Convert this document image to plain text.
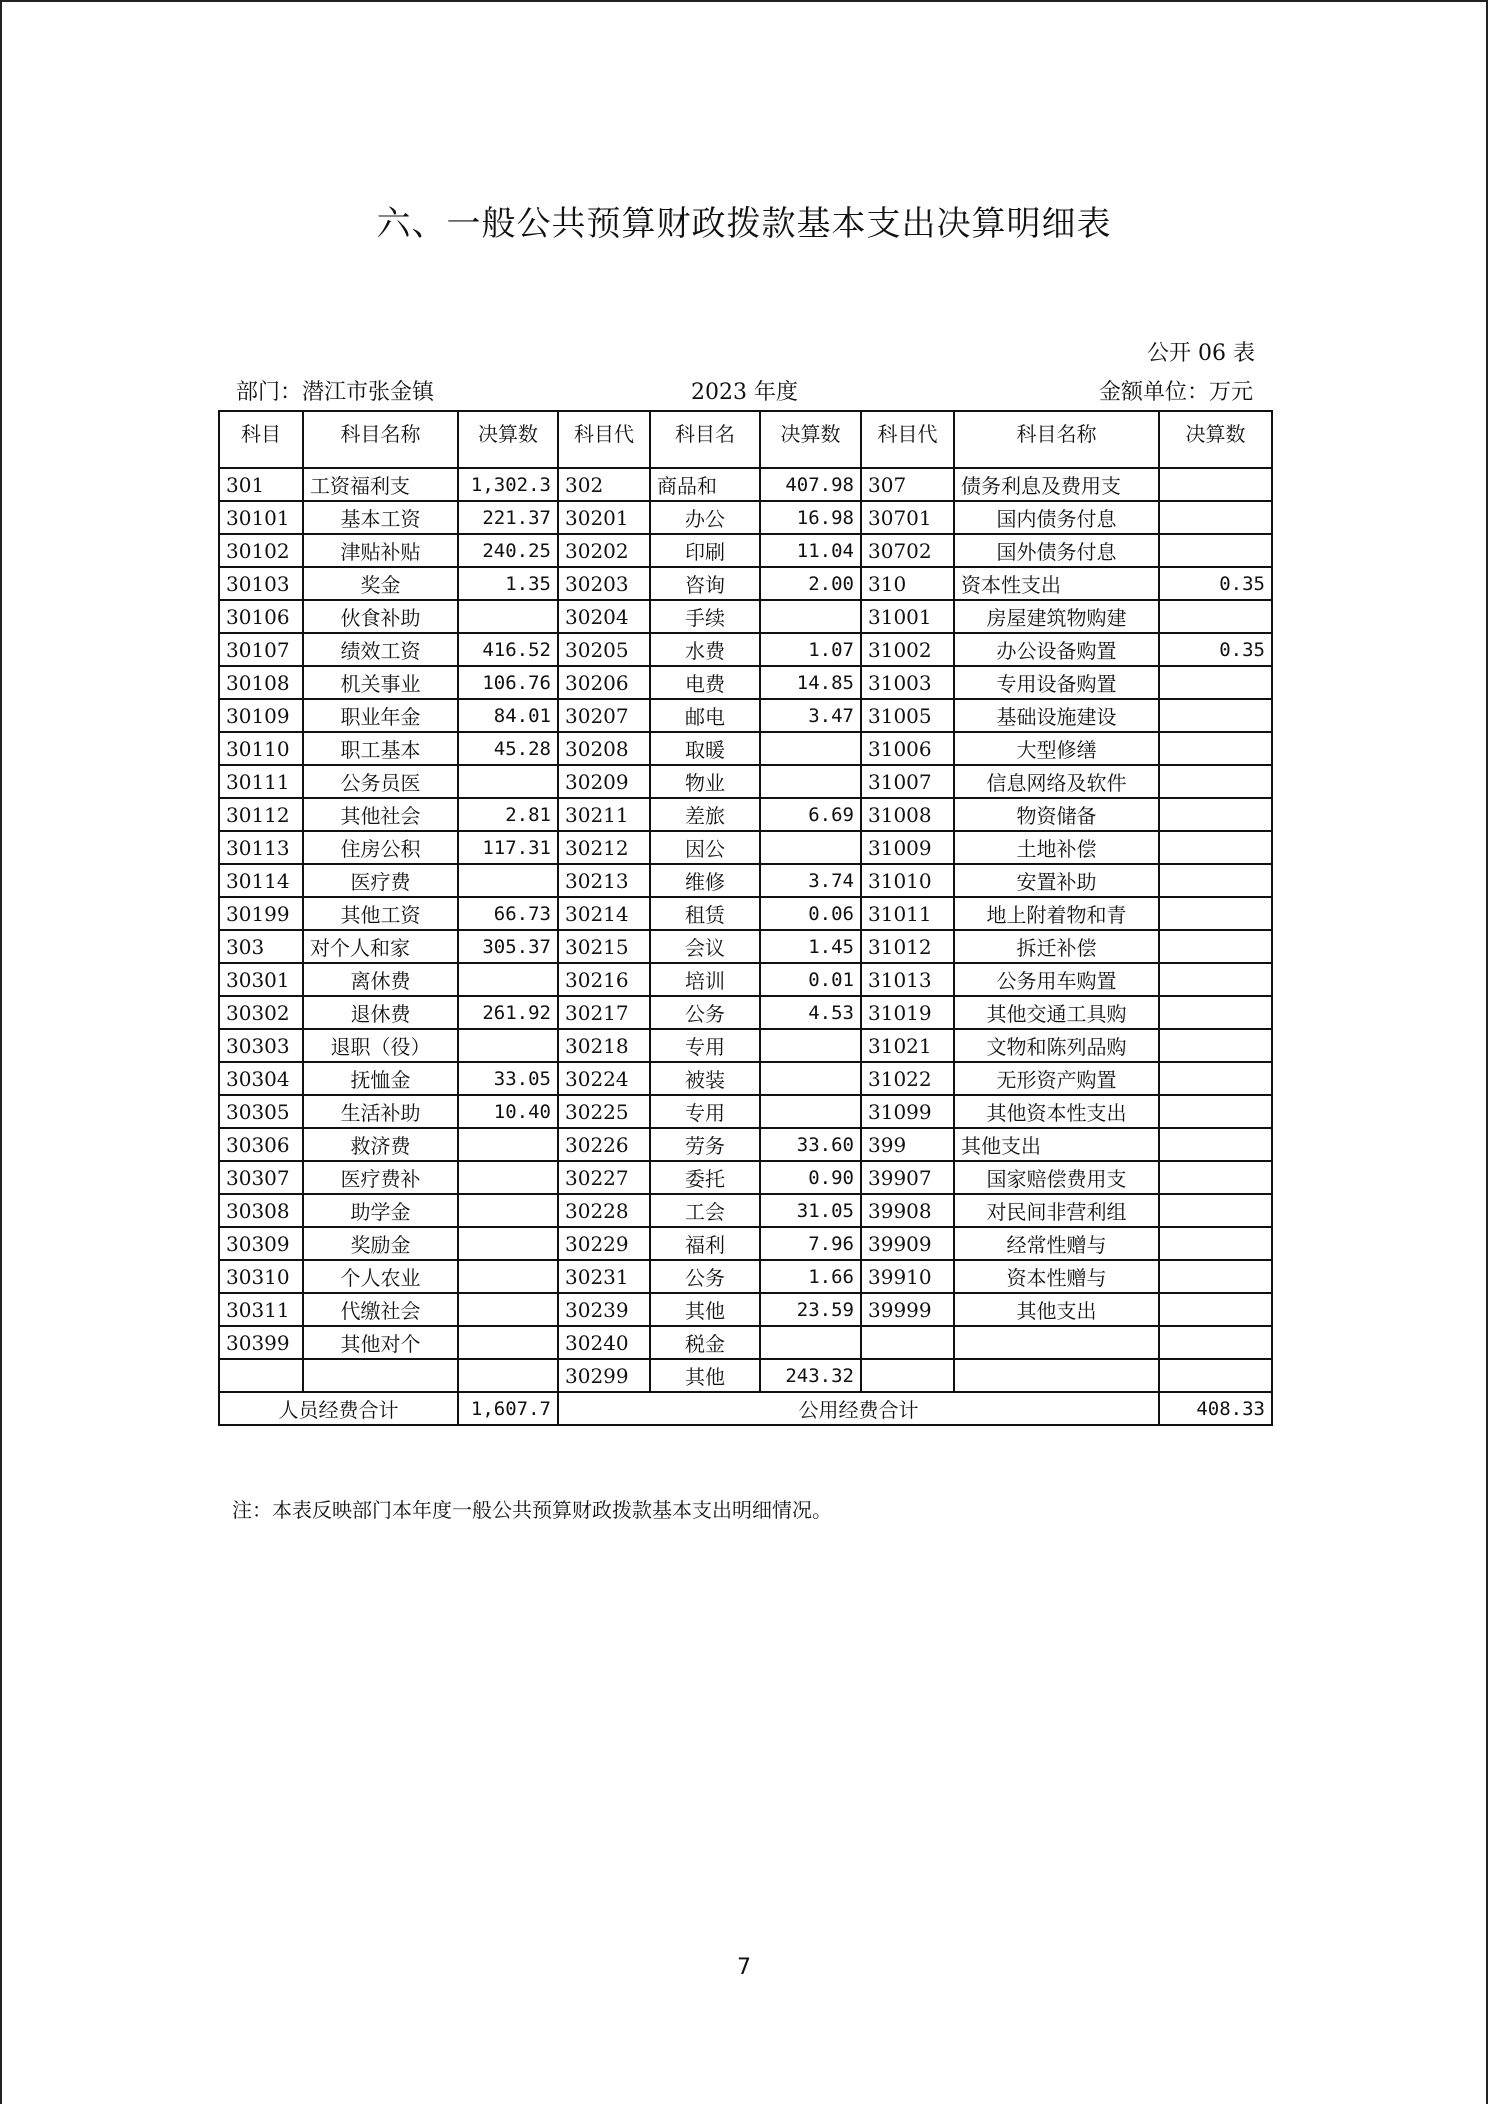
六、一般公共预算财政拨款基本支出决算明细表
公开 06 表
部门：潜江市张金镇	2023 年度	金额单位：万元
科目	科目名称	决算数	科目代	科目名	决算数	科目代	科目名称	决算数
301	工资福利支	1,302.3	302	商品和	407.98	307	债务利息及费用支	
30101	基本工资	221.37	30201	办公	16.98	30701	国内债务付息	
30102	津贴补贴	240.25	30202	印刷	11.04	30702	国外债务付息	
30103	奖金	1.35	30203	咨询	2.00	310	资本性支出	0.35
30106	伙食补助		30204	手续		31001	房屋建筑物购建	
30107	绩效工资	416.52	30205	水费	1.07	31002	办公设备购置	0.35
30108	机关事业	106.76	30206	电费	14.85	31003	专用设备购置	
30109	职业年金	84.01	30207	邮电	3.47	31005	基础设施建设	
30110	职工基本	45.28	30208	取暖		31006	大型修缮	
30111	公务员医		30209	物业		31007	信息网络及软件	
30112	其他社会	2.81	30211	差旅	6.69	31008	物资储备	
30113	住房公积	117.31	30212	因公		31009	土地补偿	
30114	医疗费		30213	维修	3.74	31010	安置补助	
30199	其他工资	66.73	30214	租赁	0.06	31011	地上附着物和青	
303	对个人和家	305.37	30215	会议	1.45	31012	拆迁补偿	
30301	离休费		30216	培训	0.01	31013	公务用车购置	
30302	退休费	261.92	30217	公务	4.53	31019	其他交通工具购	
30303	退职（役）		30218	专用		31021	文物和陈列品购	
30304	抚恤金	33.05	30224	被装		31022	无形资产购置	
30305	生活补助	10.40	30225	专用		31099	其他资本性支出	
30306	救济费		30226	劳务	33.60	399	其他支出	
30307	医疗费补		30227	委托	0.90	39907	国家赔偿费用支	
30308	助学金		30228	工会	31.05	39908	对民间非营利组	
30309	奖励金		30229	福利	7.96	39909	经常性赠与	
30310	个人农业		30231	公务	1.66	39910	资本性赠与	
30311	代缴社会		30239	其他	23.59	39999	其他支出	
30399	其他对个		30240	税金				
			30299	其他	243.32			
人员经费合计		1,607.7	公用经费合计					408.33
注：本表反映部门本年度一般公共预算财政拨款基本支出明细情况。
7
